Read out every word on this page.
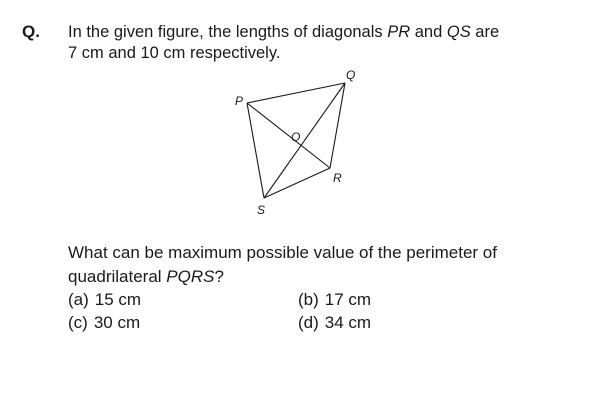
Q. In the given figure, the lengths of diagonals PR and QS are
7 cm and 10 cm respectively.
P
Q
R
S
O
What can be maximum possible value of the perimeter of
quadrilateral PQRS?
(a) 15 cm	(b) 17 cm
(c) 30 cm	(d) 34 cm
